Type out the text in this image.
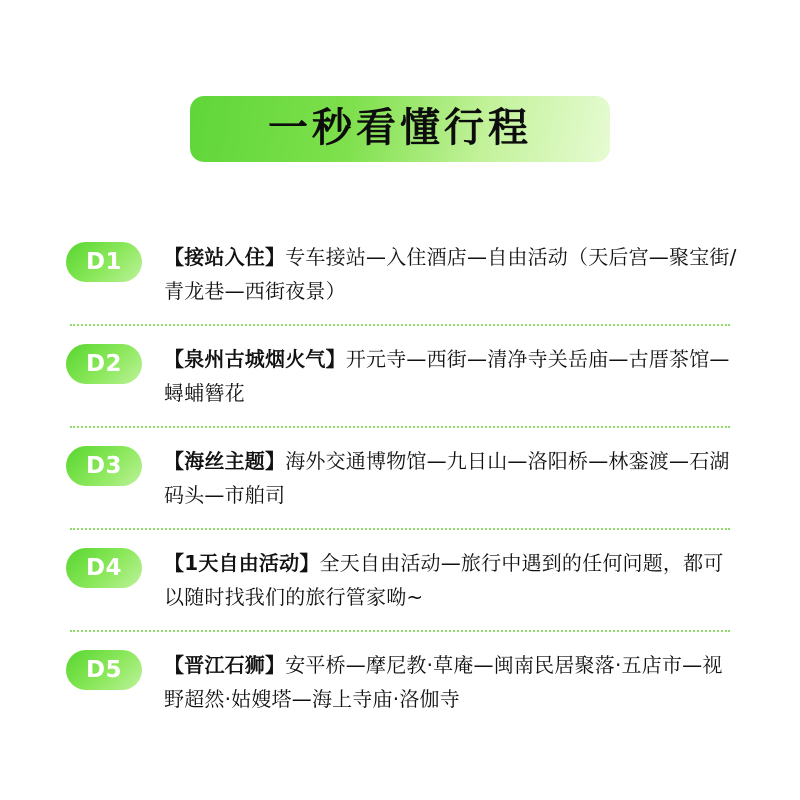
一秒看懂行程
D1	【接站入住】专车接站—入住酒店—自由活动（天后宫—聚宝街/青龙巷—西街夜景）
D2	【泉州古城烟火气】开元寺—西街—清净寺关岳庙—古厝茶馆—蟳蜅簪花
D3	【海丝主题】海外交通博物馆—九日山—洛阳桥—林銮渡—石湖码头—市舶司
D4	【1天自由活动】全天自由活动—旅行中遇到的任何问题，都可以随时找我们的旅行管家呦~
D5	【晋江石狮】安平桥—摩尼教·草庵—闽南民居聚落·五店市—视野超然·姑嫂塔—海上寺庙·洛伽寺
